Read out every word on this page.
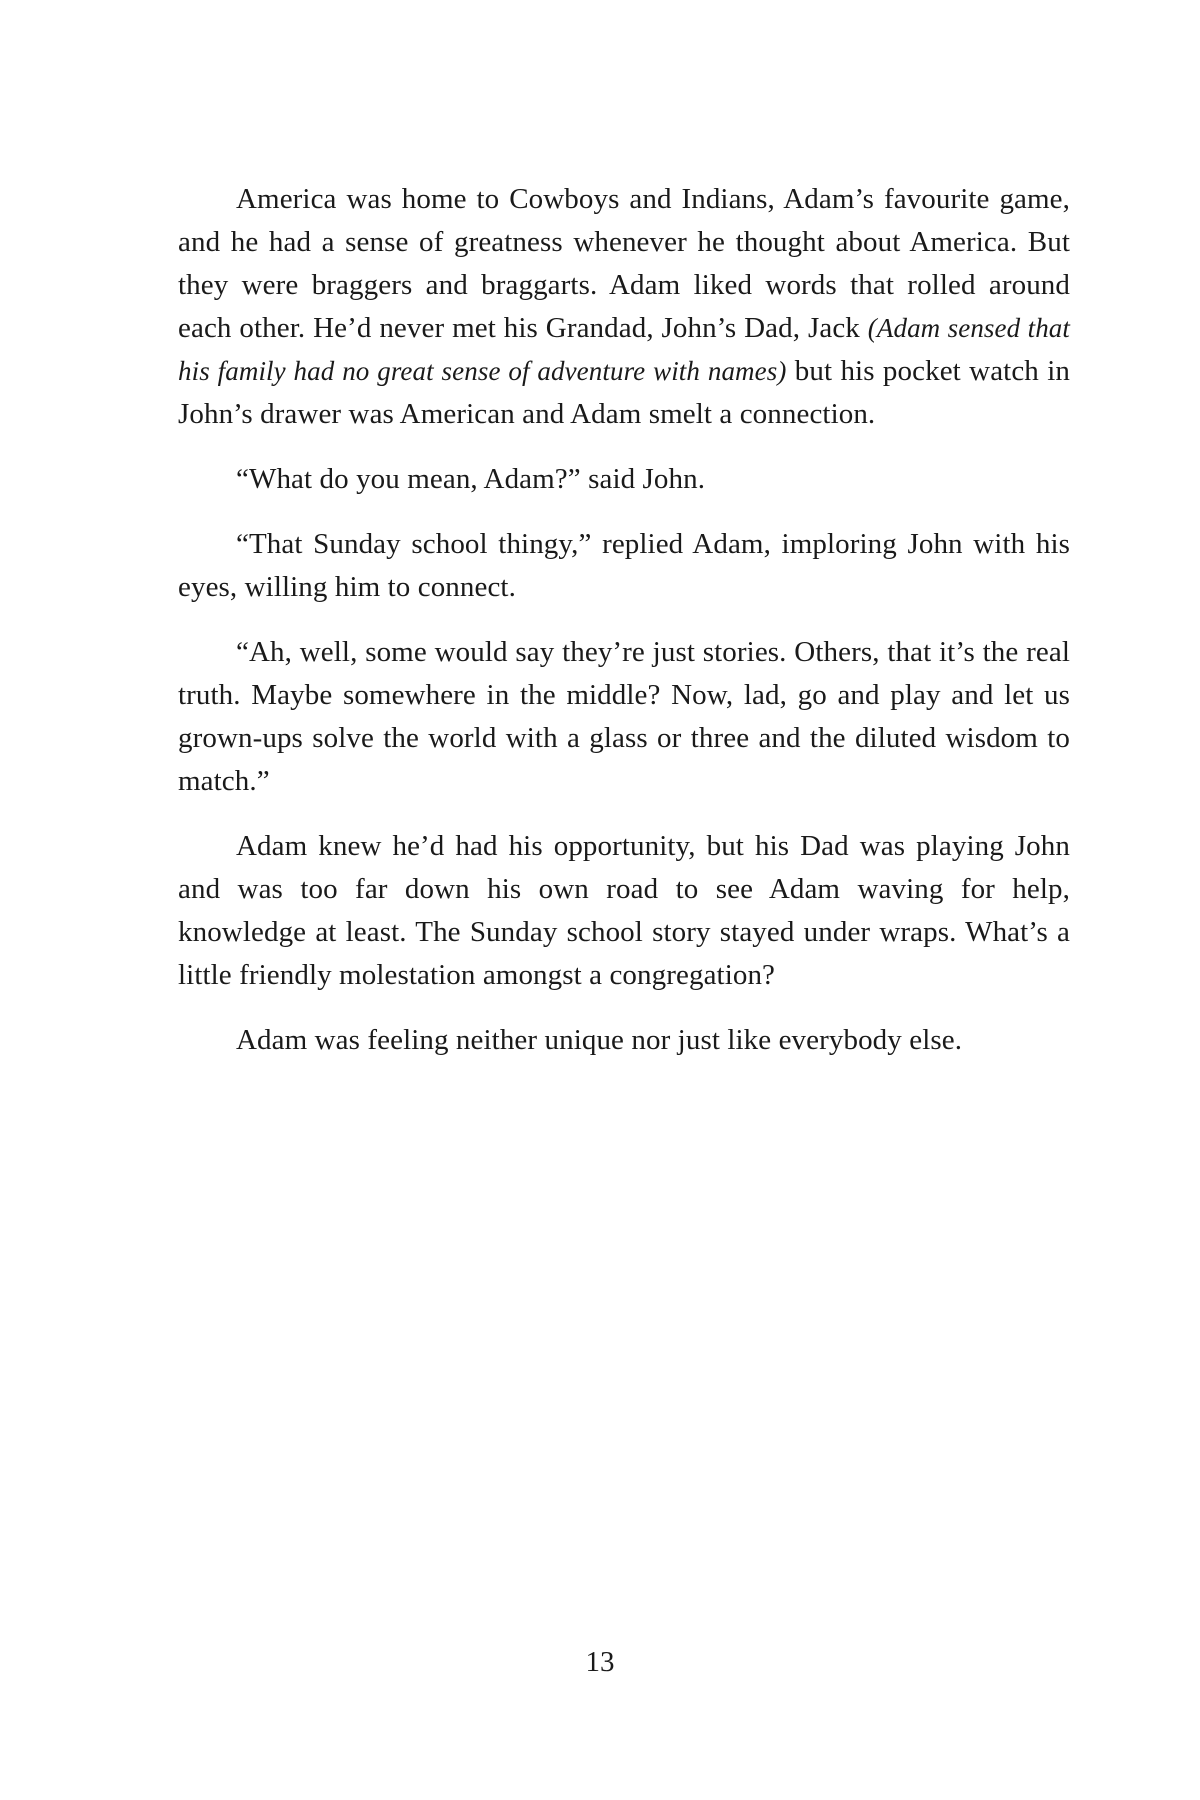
America was home to Cowboys and Indians, Adam’s favourite game, and he had a sense of greatness whenever he thought about America. But they were braggers and braggarts. Adam liked words that rolled around each other. He’d never met his Grandad, John’s Dad, Jack (Adam sensed that his family had no great sense of adventure with names) but his pocket watch in John’s drawer was American and Adam smelt a connection.

“What do you mean, Adam?” said John.

“That Sunday school thingy,” replied Adam, imploring John with his eyes, willing him to connect.

“Ah, well, some would say they’re just stories. Others, that it’s the real truth. Maybe somewhere in the middle? Now, lad, go and play and let us grown-ups solve the world with a glass or three and the diluted wisdom to match.”

Adam knew he’d had his opportunity, but his Dad was playing John and was too far down his own road to see Adam waving for help, knowledge at least. The Sunday school story stayed under wraps. What’s a little friendly molestation amongst a congregation?

Adam was feeling neither unique nor just like everybody else.

13
